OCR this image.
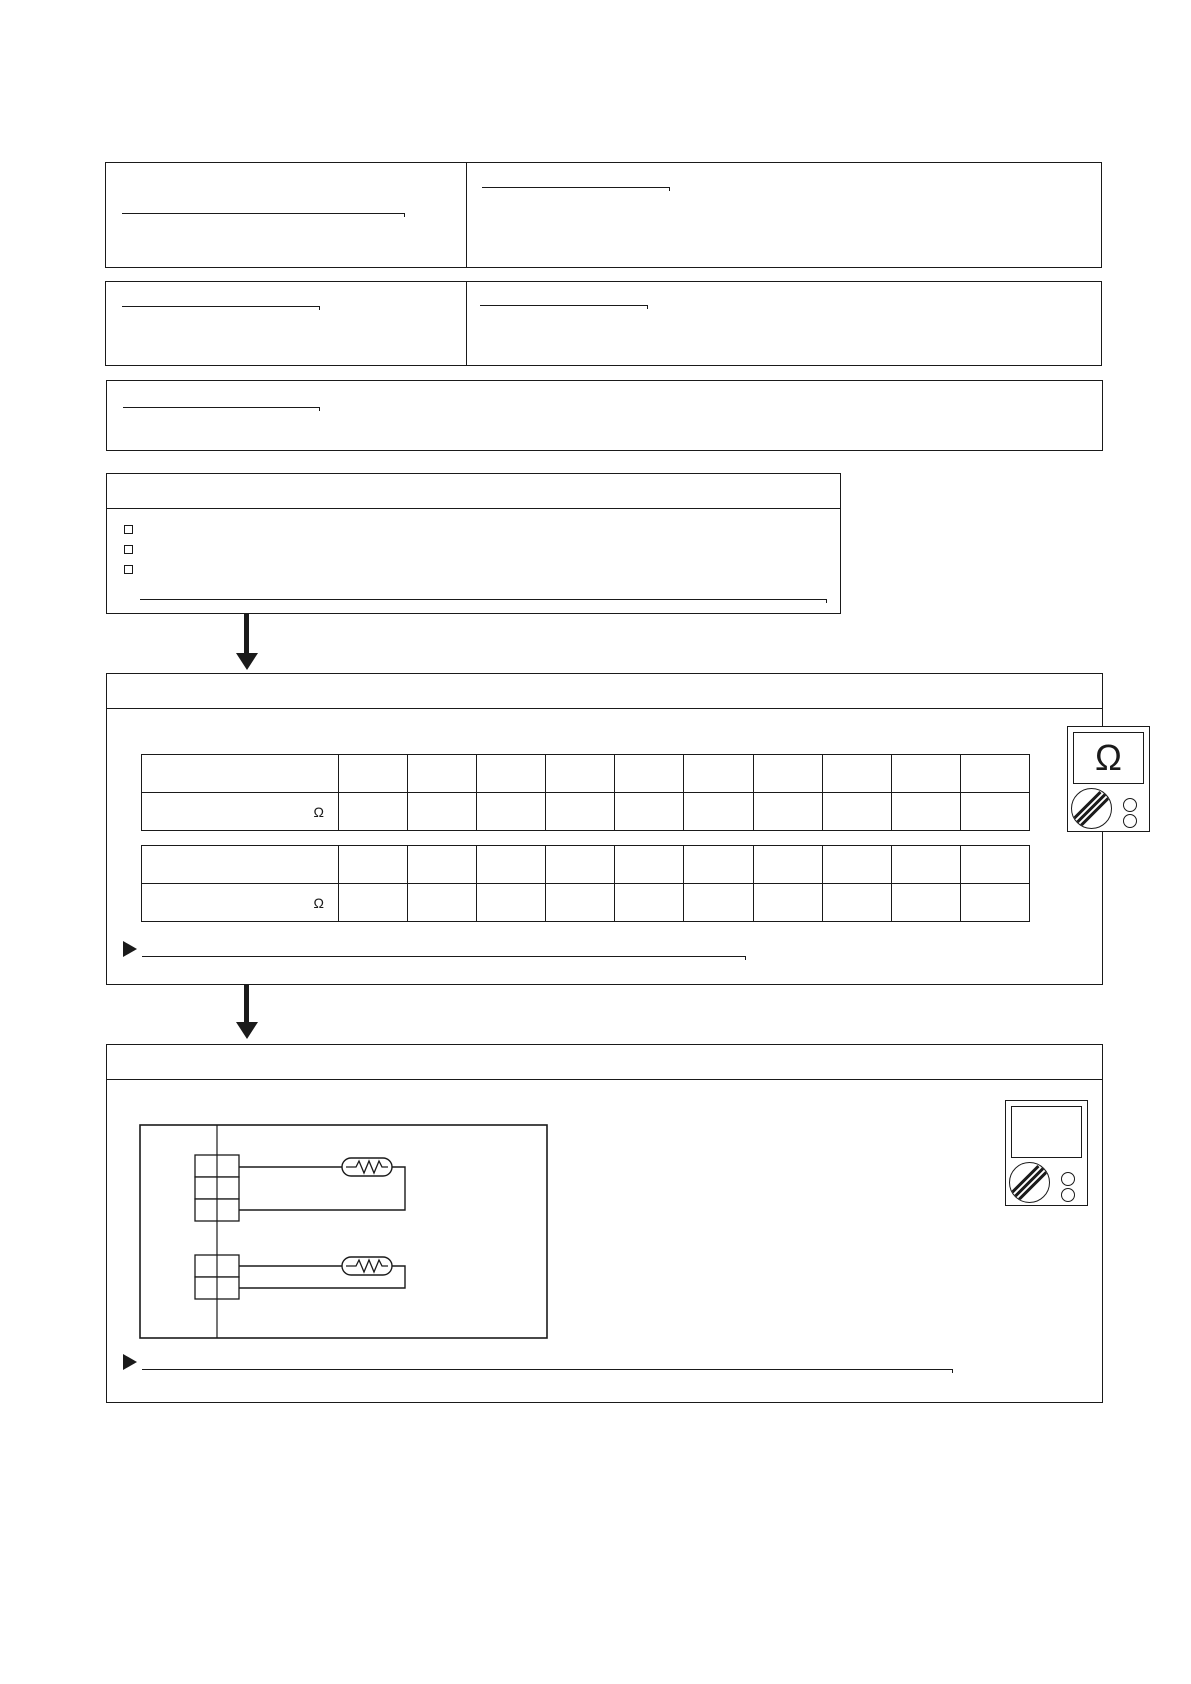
Ω										

Ω										
Ω
